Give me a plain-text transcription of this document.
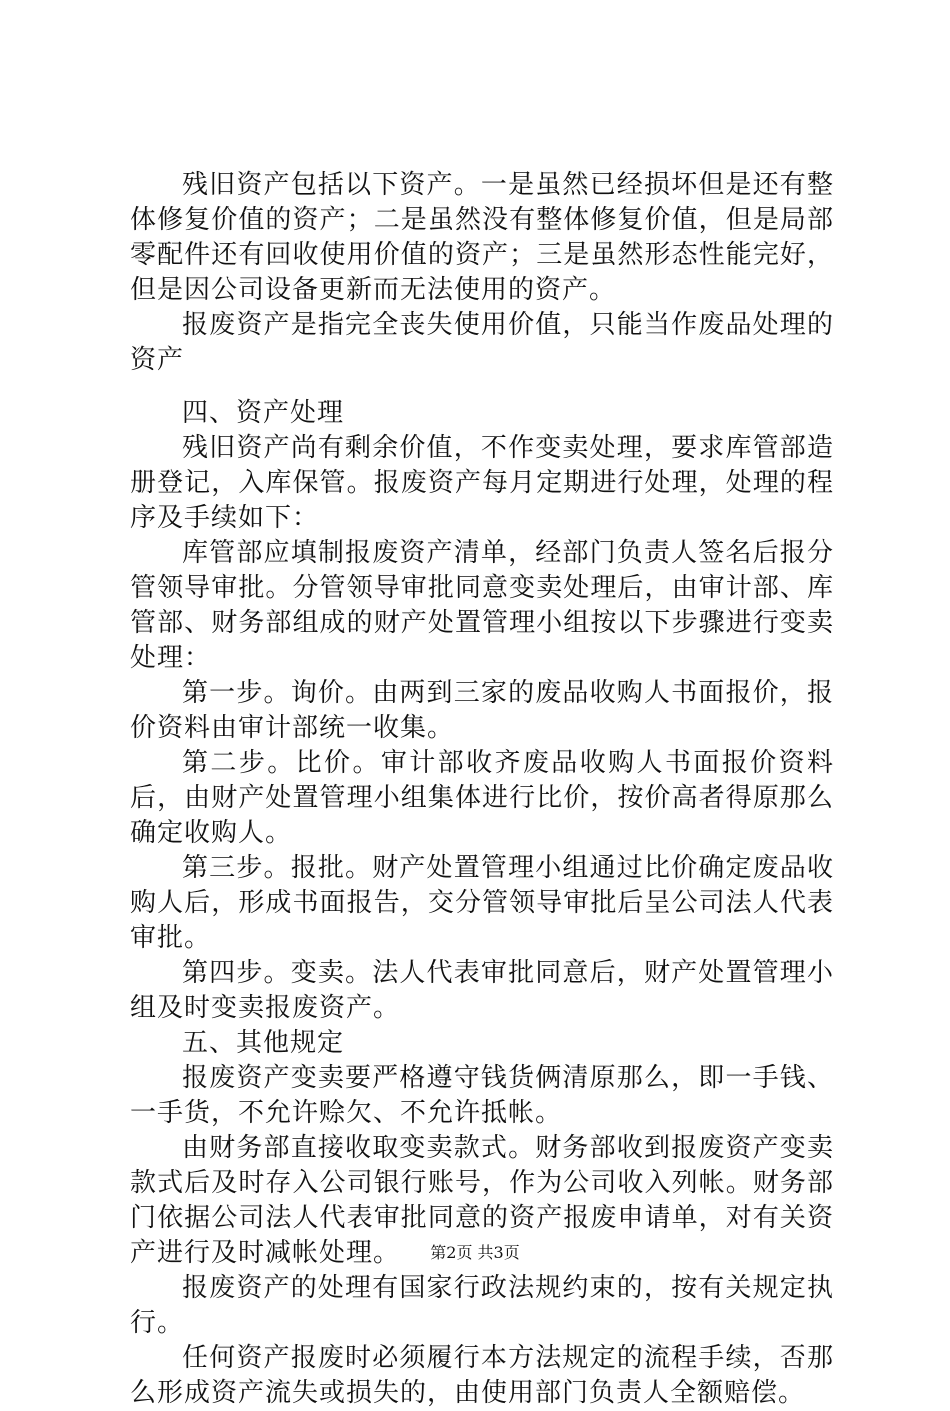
残旧资产包括以下资产。一是虽然已经损坏但是还有整体修复价值的资产；二是虽然没有整体修复价值，但是局部零配件还有回收使用价值的资产；三是虽然形态性能完好，但是因公司设备更新而无法使用的资产。

报废资产是指完全丧失使用价值，只能当作废品处理的资产

四、资产处理

残旧资产尚有剩余价值，不作变卖处理，要求库管部造册登记，入库保管。报废资产每月定期进行处理，处理的程序及手续如下：

库管部应填制报废资产清单，经部门负责人签名后报分管领导审批。分管领导审批同意变卖处理后，由审计部、库管部、财务部组成的财产处置管理小组按以下步骤进行变卖处理：

第一步。询价。由两到三家的废品收购人书面报价，报价资料由审计部统一收集。

第二步。比价。审计部收齐废品收购人书面报价资料后，由财产处置管理小组集体进行比价，按价高者得原那么确定收购人。

第三步。报批。财产处置管理小组通过比价确定废品收购人后，形成书面报告，交分管领导审批后呈公司法人代表审批。

第四步。变卖。法人代表审批同意后，财产处置管理小组及时变卖报废资产。

五、其他规定

报废资产变卖要严格遵守钱货俩清原那么，即一手钱、一手货，不允许赊欠、不允许抵帐。

由财务部直接收取变卖款式。财务部收到报废资产变卖款式后及时存入公司银行账号，作为公司收入列帐。财务部门依据公司法人代表审批同意的资产报废申请单，对有关资产进行及时减帐处理。

报废资产的处理有国家行政法规约束的，按有关规定执行。

任何资产报废时必须履行本方法规定的流程手续，否那么形成资产流失或损失的，由使用部门负责人全额赔偿。

第2页 共3页
